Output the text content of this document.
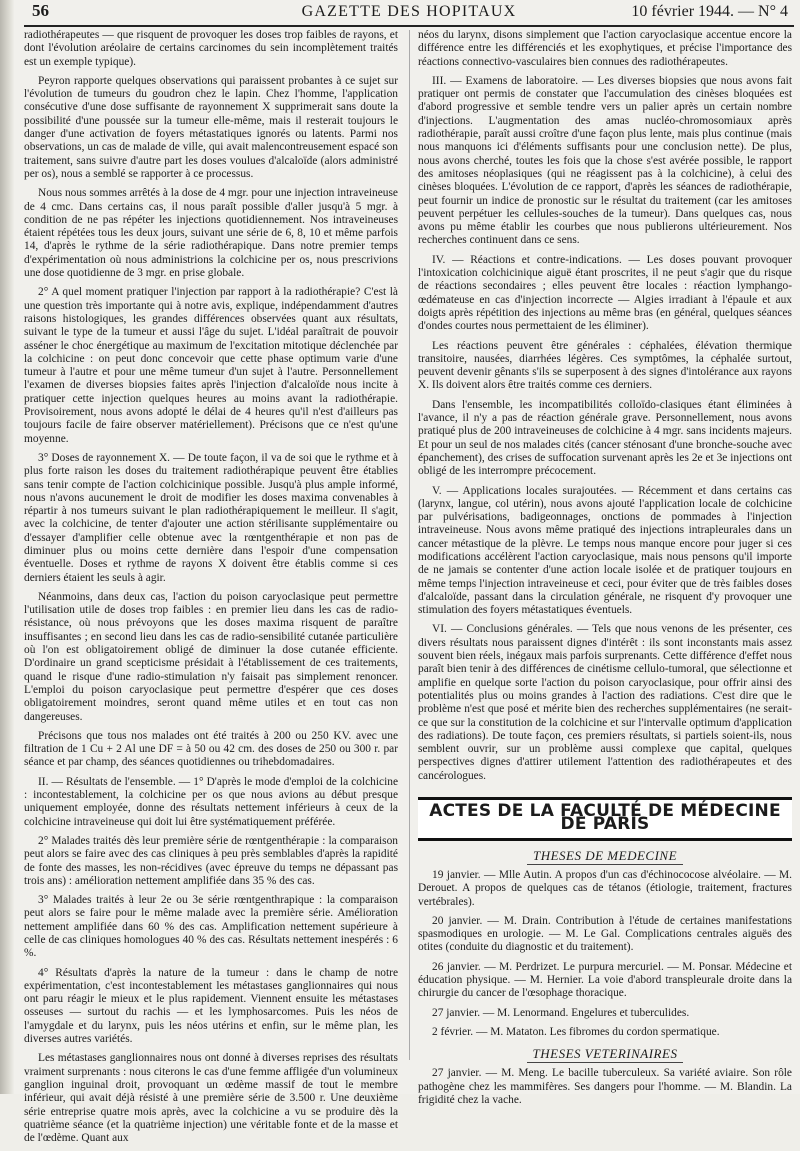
56	GAZETTE DES HOPITAUX	10 février 1944. — N° 4

radiothérapeutes — que risquent de provoquer les doses trop faibles de rayons, et dont l'évolution aréolaire de certains carcinomes du sein incomplètement traités est un exemple typique).

Peyron rapporte quelques observations qui paraissent probantes à ce sujet sur l'évolution de tumeurs du goudron chez le lapin. Chez l'homme, l'application consécutive d'une dose suffisante de rayonnement X supprimerait sans doute la possibilité d'une poussée sur la tumeur elle-même, mais il resterait toujours le danger d'une activation de foyers métastatiques ignorés ou latents. Parmi nos observations, un cas de malade de ville, qui avait malencontreusement espacé son traitement, sans suivre d'autre part les doses voulues d'alcaloïde (alors administré per os), nous a semblé se rapporter à ce processus.

Nous nous sommes arrêtés à la dose de 4 mgr. pour une injection intraveineuse de 4 cmc. Dans certains cas, il nous paraît possible d'aller jusqu'à 5 mgr. à condition de ne pas répéter les injections quotidiennement. Nos intraveineuses étaient répétées tous les deux jours, suivant une série de 6, 8, 10 et même parfois 14, d'après le rythme de la série radiothérapique. Dans notre premier temps d'expérimentation où nous administrions la colchicine per os, nous prescrivions une dose quotidienne de 3 mgr. en prise globale.

2° A quel moment pratiquer l'injection par rapport à la radiothérapie? C'est là une question très importante qui à notre avis, explique, indépendamment d'autres raisons histologiques, les grandes différences observées quant aux résultats, suivant le type de la tumeur et aussi l'âge du sujet. L'idéal paraîtrait de pouvoir asséner le choc énergétique au maximum de l'excitation mitotique déclenchée par la colchicine : on peut donc concevoir que cette phase optimum varie d'une tumeur à l'autre et pour une même tumeur d'un sujet à l'autre. Personnellement l'examen de diverses biopsies faites après l'injection d'alcaloïde nous incite à pratiquer cette injection quelques heures au moins avant la radiothérapie. Provisoirement, nous avons adopté le délai de 4 heures qu'il n'est d'ailleurs pas toujours facile de faire observer matériellement). Précisons que ce n'est qu'une moyenne.

3° Doses de rayonnement X. — De toute façon, il va de soi que le rythme et à plus forte raison les doses du traitement radiothérapique peuvent être établies sans tenir compte de l'action colchicinique possible. Jusqu'à plus ample informé, nous n'avons aucunement le droit de modifier les doses maxima convenables à répartir à nos tumeurs suivant le plan radiothérapiquement le meilleur. Il s'agit, avec la colchicine, de tenter d'ajouter une action stérilisante supplémentaire ou d'essayer d'amplifier celle obtenue avec la rœntgenthérapie et non pas de diminuer plus ou moins cette dernière dans l'espoir d'une compensation éventuelle. Doses et rythme de rayons X doivent être établis comme si ces derniers étaient les seuls à agir.

Néanmoins, dans deux cas, l'action du poison caryoclasique peut permettre l'utilisation utile de doses trop faibles : en premier lieu dans les cas de radio-résistance, où nous prévoyons que les doses maxima risquent de paraître insuffisantes ; en second lieu dans les cas de radio-sensibilité cutanée particulière où l'on est obligatoirement obligé de diminuer la dose cutanée efficiente. D'ordinaire un grand scepticisme présidait à l'établissement de ces traitements, quand le risque d'une radio-stimulation n'y faisait pas simplement renoncer. L'emploi du poison caryoclasique peut permettre d'espérer que ces doses obligatoirement moindres, seront quand même utiles et en tout cas non dangereuses.

Précisons que tous nos malades ont été traités à 200 ou 250 KV. avec une filtration de 1 Cu + 2 Al une DF = à 50 ou 42 cm. des doses de 250 ou 300 r. par séance et par champ, des séances quotidiennes ou trihebdomadaires.

II. — Résultats de l'ensemble. — 1° D'après le mode d'emploi de la colchicine : incontestablement, la colchicine per os que nous avions au début presque uniquement employée, donne des résultats nettement inférieurs à ceux de la colchicine intraveineuse qui doit lui être systématiquement préférée.

2° Malades traités dès leur première série de rœntgenthérapie : la comparaison peut alors se faire avec des cas cliniques à peu près semblables d'après la rapidité de fonte des masses, les non-récidives (avec épreuve du temps ne dépassant pas trois ans) : amélioration nettement amplifiée dans 35 % des cas.

3° Malades traités à leur 2e ou 3e série rœntgenthrapique : la comparaison peut alors se faire pour le même malade avec la première série. Amélioration nettement amplifiée dans 60 % des cas. Amplification nettement supérieure à celle de cas cliniques homologues 40 % des cas. Résultats nettement inespérés : 6 %.

4° Résultats d'après la nature de la tumeur : dans le champ de notre expérimentation, c'est incontestablement les métastases ganglionnaires qui nous ont paru réagir le mieux et le plus rapidement. Viennent ensuite les métastases osseuses — surtout du rachis — et les lymphosarcomes. Puis les néos de l'amygdale et du larynx, puis les néos utérins et enfin, sur le même plan, les diverses autres variétés.

Les métastases ganglionnaires nous ont donné à diverses reprises des résultats vraiment surprenants : nous citerons le cas d'une femme affligée d'un volumineux ganglion inguinal droit, provoquant un œdème massif de tout le membre inférieur, qui avait déjà résisté à une première série de 3.500 r. Une deuxième série entreprise quatre mois après, avec la colchicine a vu se produire dès la quatrième séance (et la quatrième injection) une véritable fonte et de la masse et de l'œdème. Quant aux

néos du larynx, disons simplement que l'action caryoclasique accentue encore la différence entre les différenciés et les exophytiques, et précise l'importance des réactions connectivo-vasculaires bien connues des radiothérapeutes.

III. — Examens de laboratoire. — Les diverses biopsies que nous avons fait pratiquer ont permis de constater que l'accumulation des cinèses bloquées est d'abord progressive et semble tendre vers un palier après un certain nombre d'injections. L'augmentation des amas nucléo-chromosomiaux après radiothérapie, paraît aussi croître d'une façon plus lente, mais plus continue (mais nous manquons ici d'éléments suffisants pour une conclusion nette). De plus, nous avons cherché, toutes les fois que la chose s'est avérée possible, le rapport des amitoses néoplasiques (qui ne réagissent pas à la colchicine), à celui des cinèses bloquées. L'évolution de ce rapport, d'après les séances de radiothérapie, peut fournir un indice de pronostic sur le résultat du traitement (car les amitoses peuvent perpétuer les cellules-souches de la tumeur). Dans quelques cas, nous avons pu même établir les courbes que nous publierons ultérieurement. Nos recherches continuent dans ce sens.

IV. — Réactions et contre-indications. — Les doses pouvant provoquer l'intoxication colchicinique aiguë étant proscrites, il ne peut s'agir que du risque de réactions secondaires ; elles peuvent être locales : réaction lymphango-œdémateuse en cas d'injection incorrecte — Algies irradiant à l'épaule et aux doigts après répétition des injections au même bras (en général, quelques séances d'ondes courtes nous permettaient de les éliminer).

Les réactions peuvent être générales : céphalées, élévation thermique transitoire, nausées, diarrhées légères. Ces symptômes, la céphalée surtout, peuvent devenir gênants s'ils se superposent à des signes d'intolérance aux rayons X. Ils doivent alors être traités comme ces derniers.

Dans l'ensemble, les incompatibilités colloïdo-clasiques étant éliminées à l'avance, il n'y a pas de réaction générale grave. Personnellement, nous avons pratiqué plus de 200 intraveineuses de colchicine à 4 mgr. sans incidents majeurs. Et pour un seul de nos malades cités (cancer sténosant d'une bronche-souche avec épanchement), des crises de suffocation survenant après les 2e et 3e injections ont obligé de les interrompre précocement.

V. — Applications locales surajoutées. — Récemment et dans certains cas (larynx, langue, col utérin), nous avons ajouté l'application locale de colchicine par pulvérisations, badigeonnages, onctions de pommades à l'injection intraveineuse. Nous avons même pratiqué des injections intrapleurales dans un cancer métastique de la plèvre. Le temps nous manque encore pour juger si ces modifications accélèrent l'action caryoclasique, mais nous pensons qu'il importe de ne jamais se contenter d'une action locale isolée et de pratiquer toujours en même temps l'injection intraveineuse et ceci, pour éviter que de très faibles doses d'alcaloïde, passant dans la circulation générale, ne risquent d'y provoquer une stimulation des foyers métastatiques éventuels.

VI. — Conclusions générales. — Tels que nous venons de les présenter, ces divers résultats nous paraissent dignes d'intérêt : ils sont inconstants mais assez souvent bien réels, inégaux mais parfois surprenants. Cette différence d'effet nous paraît bien tenir à des différences de cinétisme cellulo-tumoral, que sélectionne et amplifie en quelque sorte l'action du poison caryoclasique, pour offrir ainsi des potentialités plus ou moins grandes à l'action des radiations. C'est dire que le problème n'est que posé et mérite bien des recherches supplémentaires (ne serait-ce que sur la constitution de la colchicine et sur l'intervalle optimum d'application des radiations). De toute façon, ces premiers résultats, si partiels soient-ils, nous semblent ouvrir, sur un problème aussi complexe que capital, quelques perspectives dignes d'attirer utilement l'attention des radiothérapeutes et des cancérologues.

ACTES DE LA FACULTÉ DE MÉDECINE DE PARIS
THESES DE MEDECINE

19 janvier. — Mlle Autin. A propos d'un cas d'échinococose alvéolaire. — M. Derouet. A propos de quelques cas de tétanos (étiologie, traitement, fractures vertébrales).

20 janvier. — M. Drain. Contribution à l'étude de certaines manifestations spasmodiques en urologie. — M. Le Gal. Complications centrales aiguës des otites (conduite du diagnostic et du traitement).

26 janvier. — M. Perdrizet. Le purpura mercuriel. — M. Ponsar. Médecine et éducation physique. — M. Hernier. La voie d'abord transpleurale droite dans la chirurgie du cancer de l'œsophage thoracique.

27 janvier. — M. Lenormand. Engelures et tuberculides.

2 février. — M. Mataton. Les fibromes du cordon spermatique.

THESES VETERINAIRES

27 janvier. — M. Meng. Le bacille tuberculeux. Sa variété aviaire. Son rôle pathogène chez les mammifères. Ses dangers pour l'homme. — M. Blandin. La frigidité chez la vache.
